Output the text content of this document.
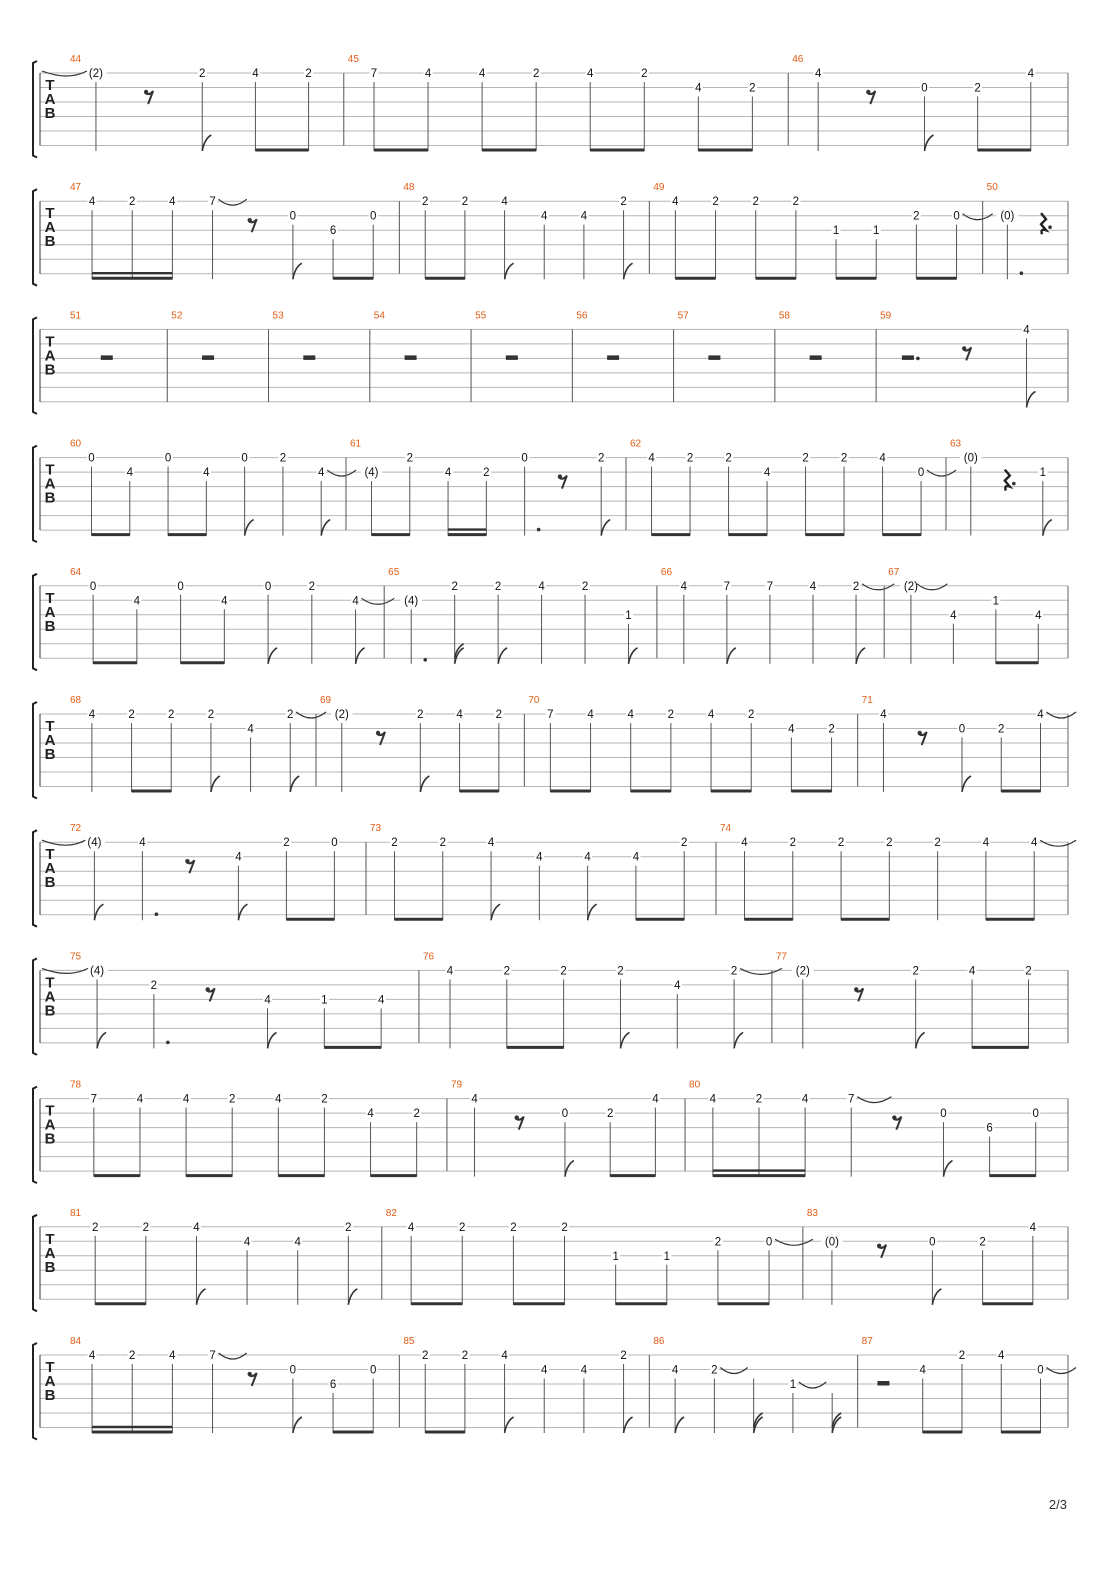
T
A
B
44
(2)	2	4	2
45
7	4	4	2	4	2
4	2
46
4
0	2
4
T
A
B
47
4	2	4	7
0
6
0
48
2	2	4
4	4
2
49
4	2	2	2
1	1
2	0
50
(0)
T
A
B
51	52	53	54	55	56	57	58	59
4
T
A
B
60
0
4
0
4
0	2
4
61
(4)
2
4	2
0	2
62
4	2	2
4
2	2	4
0
63
(0)
1
T
A
B
64
0
4
0
4
0	2
4
65
(4)
2	2	4	2
1
66
4	7	7	4	2
67
(2)
4
1
4
T
A
B
68
4	2	2	2
4
2
69
(2)	2	4	2
70
7	4	4	2	4	2
4	2
71
4
0	2
4
T
A
B
72
(4)	4
4
2	0
73
2	2	4
4	4	4
2
74
4	2	2	2	2	4	4
T
A
B
75
(4)
2
4	1	4
76
4	2	2	2
4
2
77
(2)	2	4	2
T
A
B
78
7	4	4	2	4	2
4	2
79
4
0	2
4
80
4	2	4	7
0
6
0
T
A
B
81
2	2	4
4	4
2
82
4	2	2	2
1	1
2	0
83
(0)	0	2
4
T
A
B
84
4	2	4	7
0
6
0
85
2	2	4
4	4
2
86
4	2
1
87
4
2	4
0
2/3
